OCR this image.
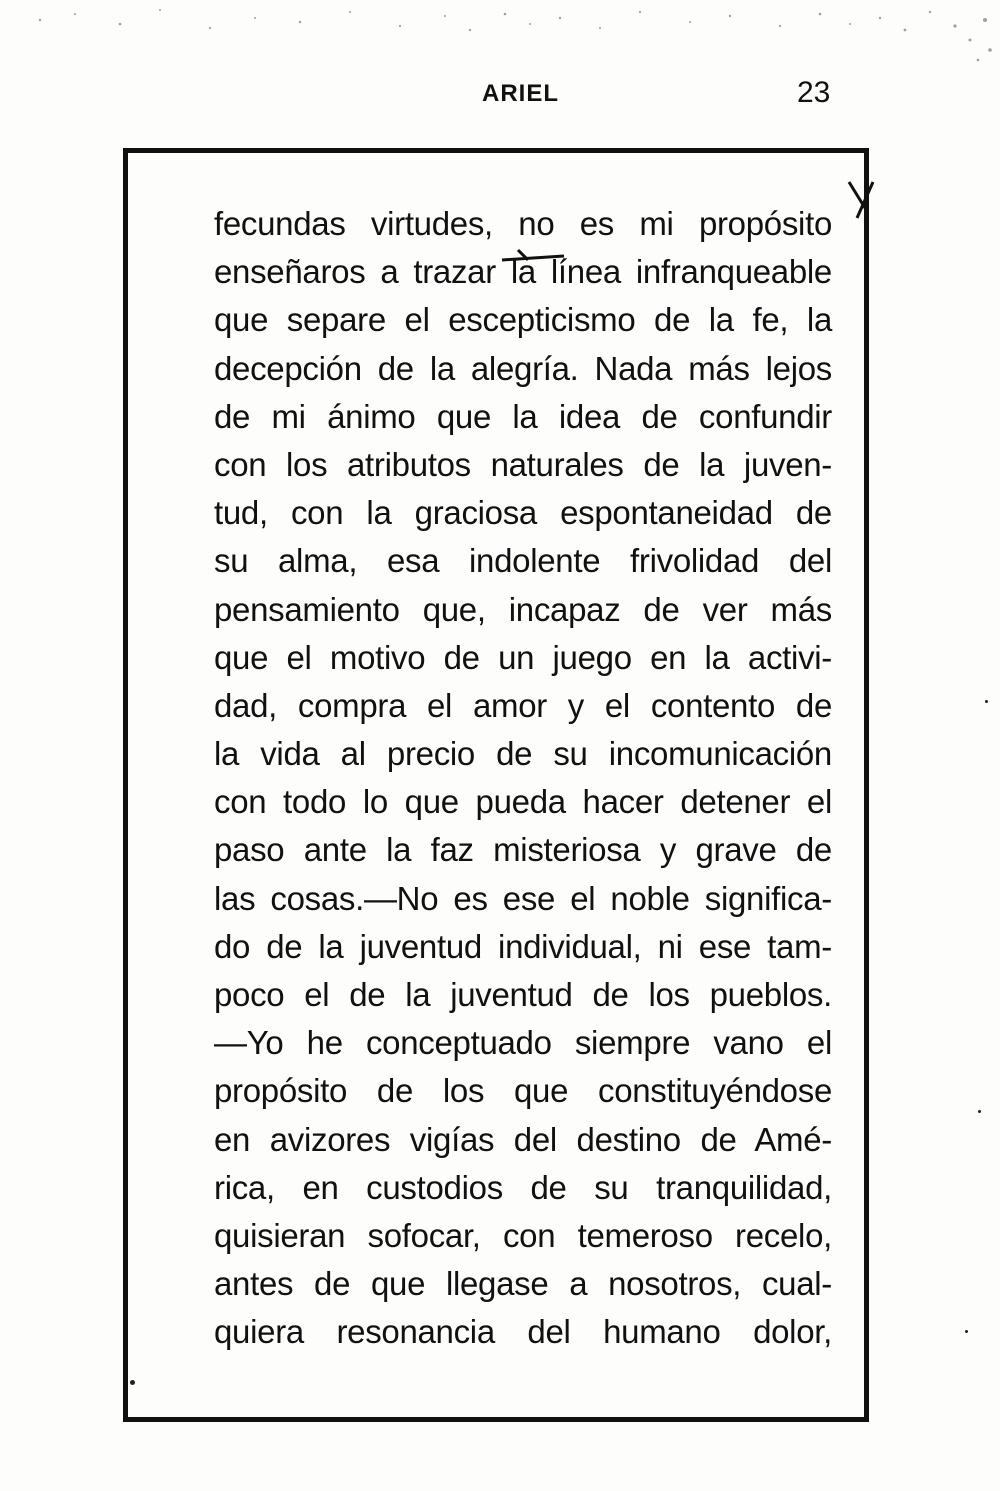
ARIEL	23
fecundas virtudes, no es mi propósito
enseñaros a trazar la línea infranqueable
que separe el escepticismo de la fe, la
decepción de la alegría. Nada más lejos
de mi ánimo que la idea de confundir
con los atributos naturales de la juven-
tud, con la graciosa espontaneidad de
su alma, esa indolente frivolidad del
pensamiento que, incapaz de ver más
que el motivo de un juego en la activi-
dad, compra el amor y el contento de
la vida al precio de su incomunicación
con todo lo que pueda hacer detener el
paso ante la faz misteriosa y grave de
las cosas.—No es ese el noble significa-
do de la juventud individual, ni ese tam-
poco el de la juventud de los pueblos.
—Yo he conceptuado siempre vano el
propósito de los que constituyéndose
en avizores vigías del destino de Amé-
rica, en custodios de su tranquilidad,
quisieran sofocar, con temeroso recelo,
antes de que llegase a nosotros, cual-
quiera resonancia del humano dolor,
